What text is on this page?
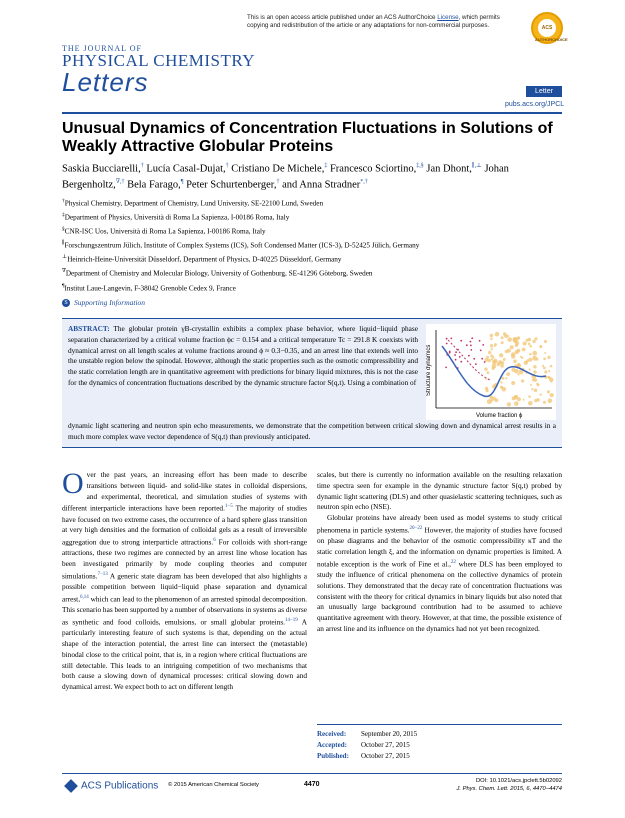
This is an open access article published under an ACS AuthorChoice License, which permits copying and redistribution of the article or any adaptations for non-commercial purposes.	ACS
AUTHORCHOICE
THE JOURNAL OF
PHYSICAL CHEMISTRY
Letters	Letter
pubs.acs.org/JPCL
Unusual Dynamics of Concentration Fluctuations in Solutions of Weakly Attractive Globular Proteins
Saskia Bucciarelli,† Lucía Casal-Dujat,† Cristiano De Michele,‡ Francesco Sciortino,‡,§ Jan Dhont,∥,⊥ Johan Bergenholtz,∇,† Bela Farago,¶ Peter Schurtenberger,† and Anna Stradner*,†
†Physical Chemistry, Department of Chemistry, Lund University, SE-22100 Lund, Sweden
‡Department of Physics, Università di Roma La Sapienza, I-00186 Roma, Italy
§CNR-ISC Uos, Università di Roma La Sapienza, I-00186 Roma, Italy
∥Forschungszentrum Jülich, Institute of Complex Systems (ICS), Soft Condensed Matter (ICS-3), D-52425 Jülich, Germany
⊥Heinrich-Heine-Universität Düsseldorf, Department of Physics, D-40225 Düsseldorf, Germany
∇Department of Chemistry and Molecular Biology, University of Gothenburg, SE-41296 Göteborg, Sweden
¶Institut Laue-Langevin, F-38042 Grenoble Cedex 9, France
S Supporting Information
ABSTRACT: The globular protein γB-crystallin exhibits a complex phase behavior, where liquid−liquid phase separation characterized by a critical volume fraction ϕc = 0.154 and a critical temperature Tc = 291.8 K coexists with dynamical arrest on all length scales at volume fractions around ϕ ≈ 0.3−0.35, and an arrest line that extends well into the unstable region below the spinodal. However, although the static properties such as the osmotic compressibility and the static correlation length are in quantitative agreement with predictions for binary liquid mixtures, this is not the case for the dynamics of concentration fluctuations described by the dynamic structure factor S(q,t). Using a combination of
dynamic light scattering and neutron spin echo measurements, we demonstrate that the competition between critical slowing down and dynamical arrest results in a much more complex wave vector dependence of S(q,t) than previously anticipated.
Structure dynamics
Volume fraction ϕ
Over the past years, an increasing effort has been made to describe transitions between liquid- and solid-like states in colloidal dispersions, and experimental, theoretical, and simulation studies of systems with different interparticle interactions have been reported.$^{1-5}$ The majority of studies have focused on two extreme cases, the occurrence of a hard sphere glass transition at very high densities and the formation of colloidal gels as a result of irreversible aggregation due to strong interparticle attractions.$^6$ For colloids with short-range attractions, these two regimes are connected by an arrest line whose location has been investigated primarily by mode coupling theories and computer simulations.$^{7-13}$ A generic state diagram has been developed that also highlights a possible competition between liquid−liquid phase separation and dynamical arrest,$^{6,14}$ which can lead to the phenomenon of an arrested spinodal decomposition. This scenario has been supported by a number of observations in systems as diverse as synthetic and food colloids, emulsions, or small globular proteins.$^{14-19}$ A particularly interesting feature of such systems is that, depending on the actual shape of the interaction potential, the arrest line can intersect the (metastable) binodal close to the critical point, that is, in a region where critical fluctuations are still detectable. This leads to an intriguing competition of two mechanisms that both cause a slowing down of dynamical processes: critical slowing down and dynamical arrest. We expect both to act on different length
scales, but there is currently no information available on the resulting relaxation time spectra seen for example in the dynamic structure factor S(q,t) probed by dynamic light scattering (DLS) and other quasielastic scattering techniques, such as neutron spin echo (NSE).
Globular proteins have already been used as model systems to study critical phenomena in particle systems.$^{20-22}$ However, the majority of studies have focused on phase diagrams and the behavior of the osmotic compressibility κT and the static correlation length ξ, and the information on dynamic properties is limited. A notable exception is the work of Fine et al.,$^{22}$ where DLS has been employed to study the influence of critical phenomena on the collective dynamics of protein solutions. They demonstrated that the decay rate of concentration fluctuations was consistent with the theory for critical dynamics in binary liquids but also noted that an unusually large background contribution had to be assumed to achieve quantitative agreement with theory. However, at that time, the possible existence of an arrest line and its influence on the dynamics had not yet been recognized.
Received: September 20, 2015
Accepted: October 27, 2015
Published: October 27, 2015
ACS Publications © 2015 American Chemical Society	4470	DOI: 10.1021/acs.jpclett.5b02092
J. Phys. Chem. Lett. 2015, 6, 4470−4474
